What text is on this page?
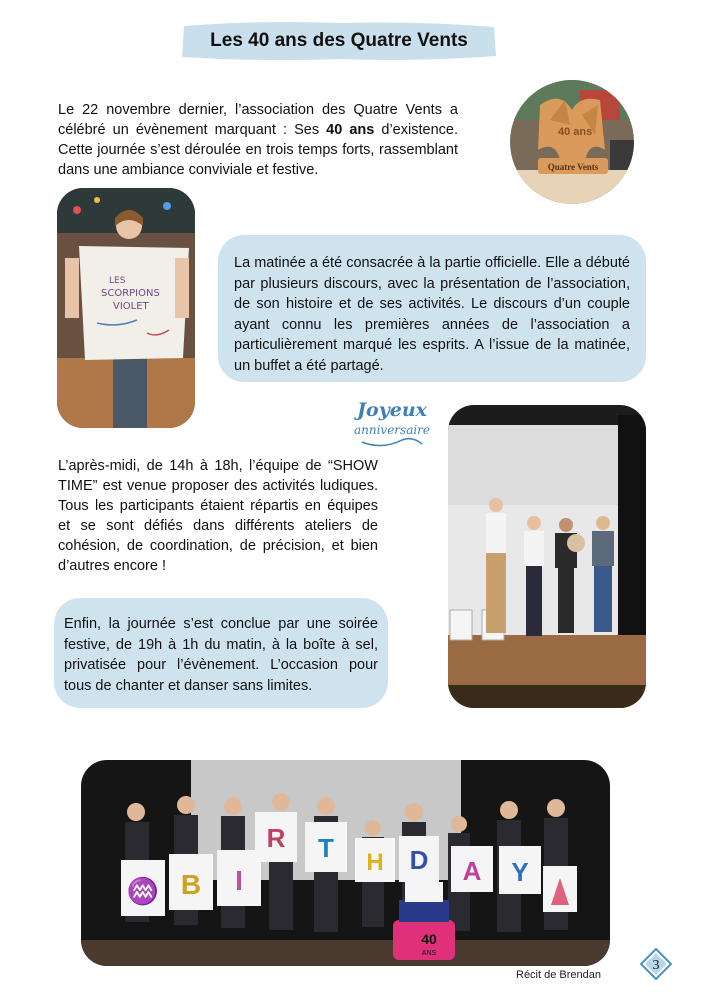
Les 40 ans des Quatre Vents

Le 22 novembre dernier, l’association des Quatre Vents a célébré un évènement marquant : Ses 40 ans d’existence. Cette journée s’est déroulée en trois temps forts, rassemblant dans une ambiance conviviale et festive.

40 ans
Quatre Vents
LES
SCORPIONS
VIOLET
La matinée a été consacrée à la partie officielle. Elle a débuté par plusieurs discours, avec la présentation de l’association, de son histoire et de ses activités. Le discours d’un couple ayant connu les premières années de l’association a particulièrement marqué les esprits. A l’issue de la matinée, un buffet a été partagé.
Joyeux
anniversaire

L’après-midi, de 14h à 18h, l’équipe de “SHOW TIME” est venue proposer des activités ludiques. Tous les participants étaient répartis en équipes et se sont défiés dans différents ateliers de cohésion, de coordination, de précision, et bien d’autres encore !

Enfin, la journée s’est conclue par une soirée festive, de 19h à 1h du matin, à la boîte à sel, privatisée pour l’évènement. L’occasion pour tous de chanter et danser sans limites.
♒ B I
R T H D A Y
40
ANS
Récit de Brendan
3
